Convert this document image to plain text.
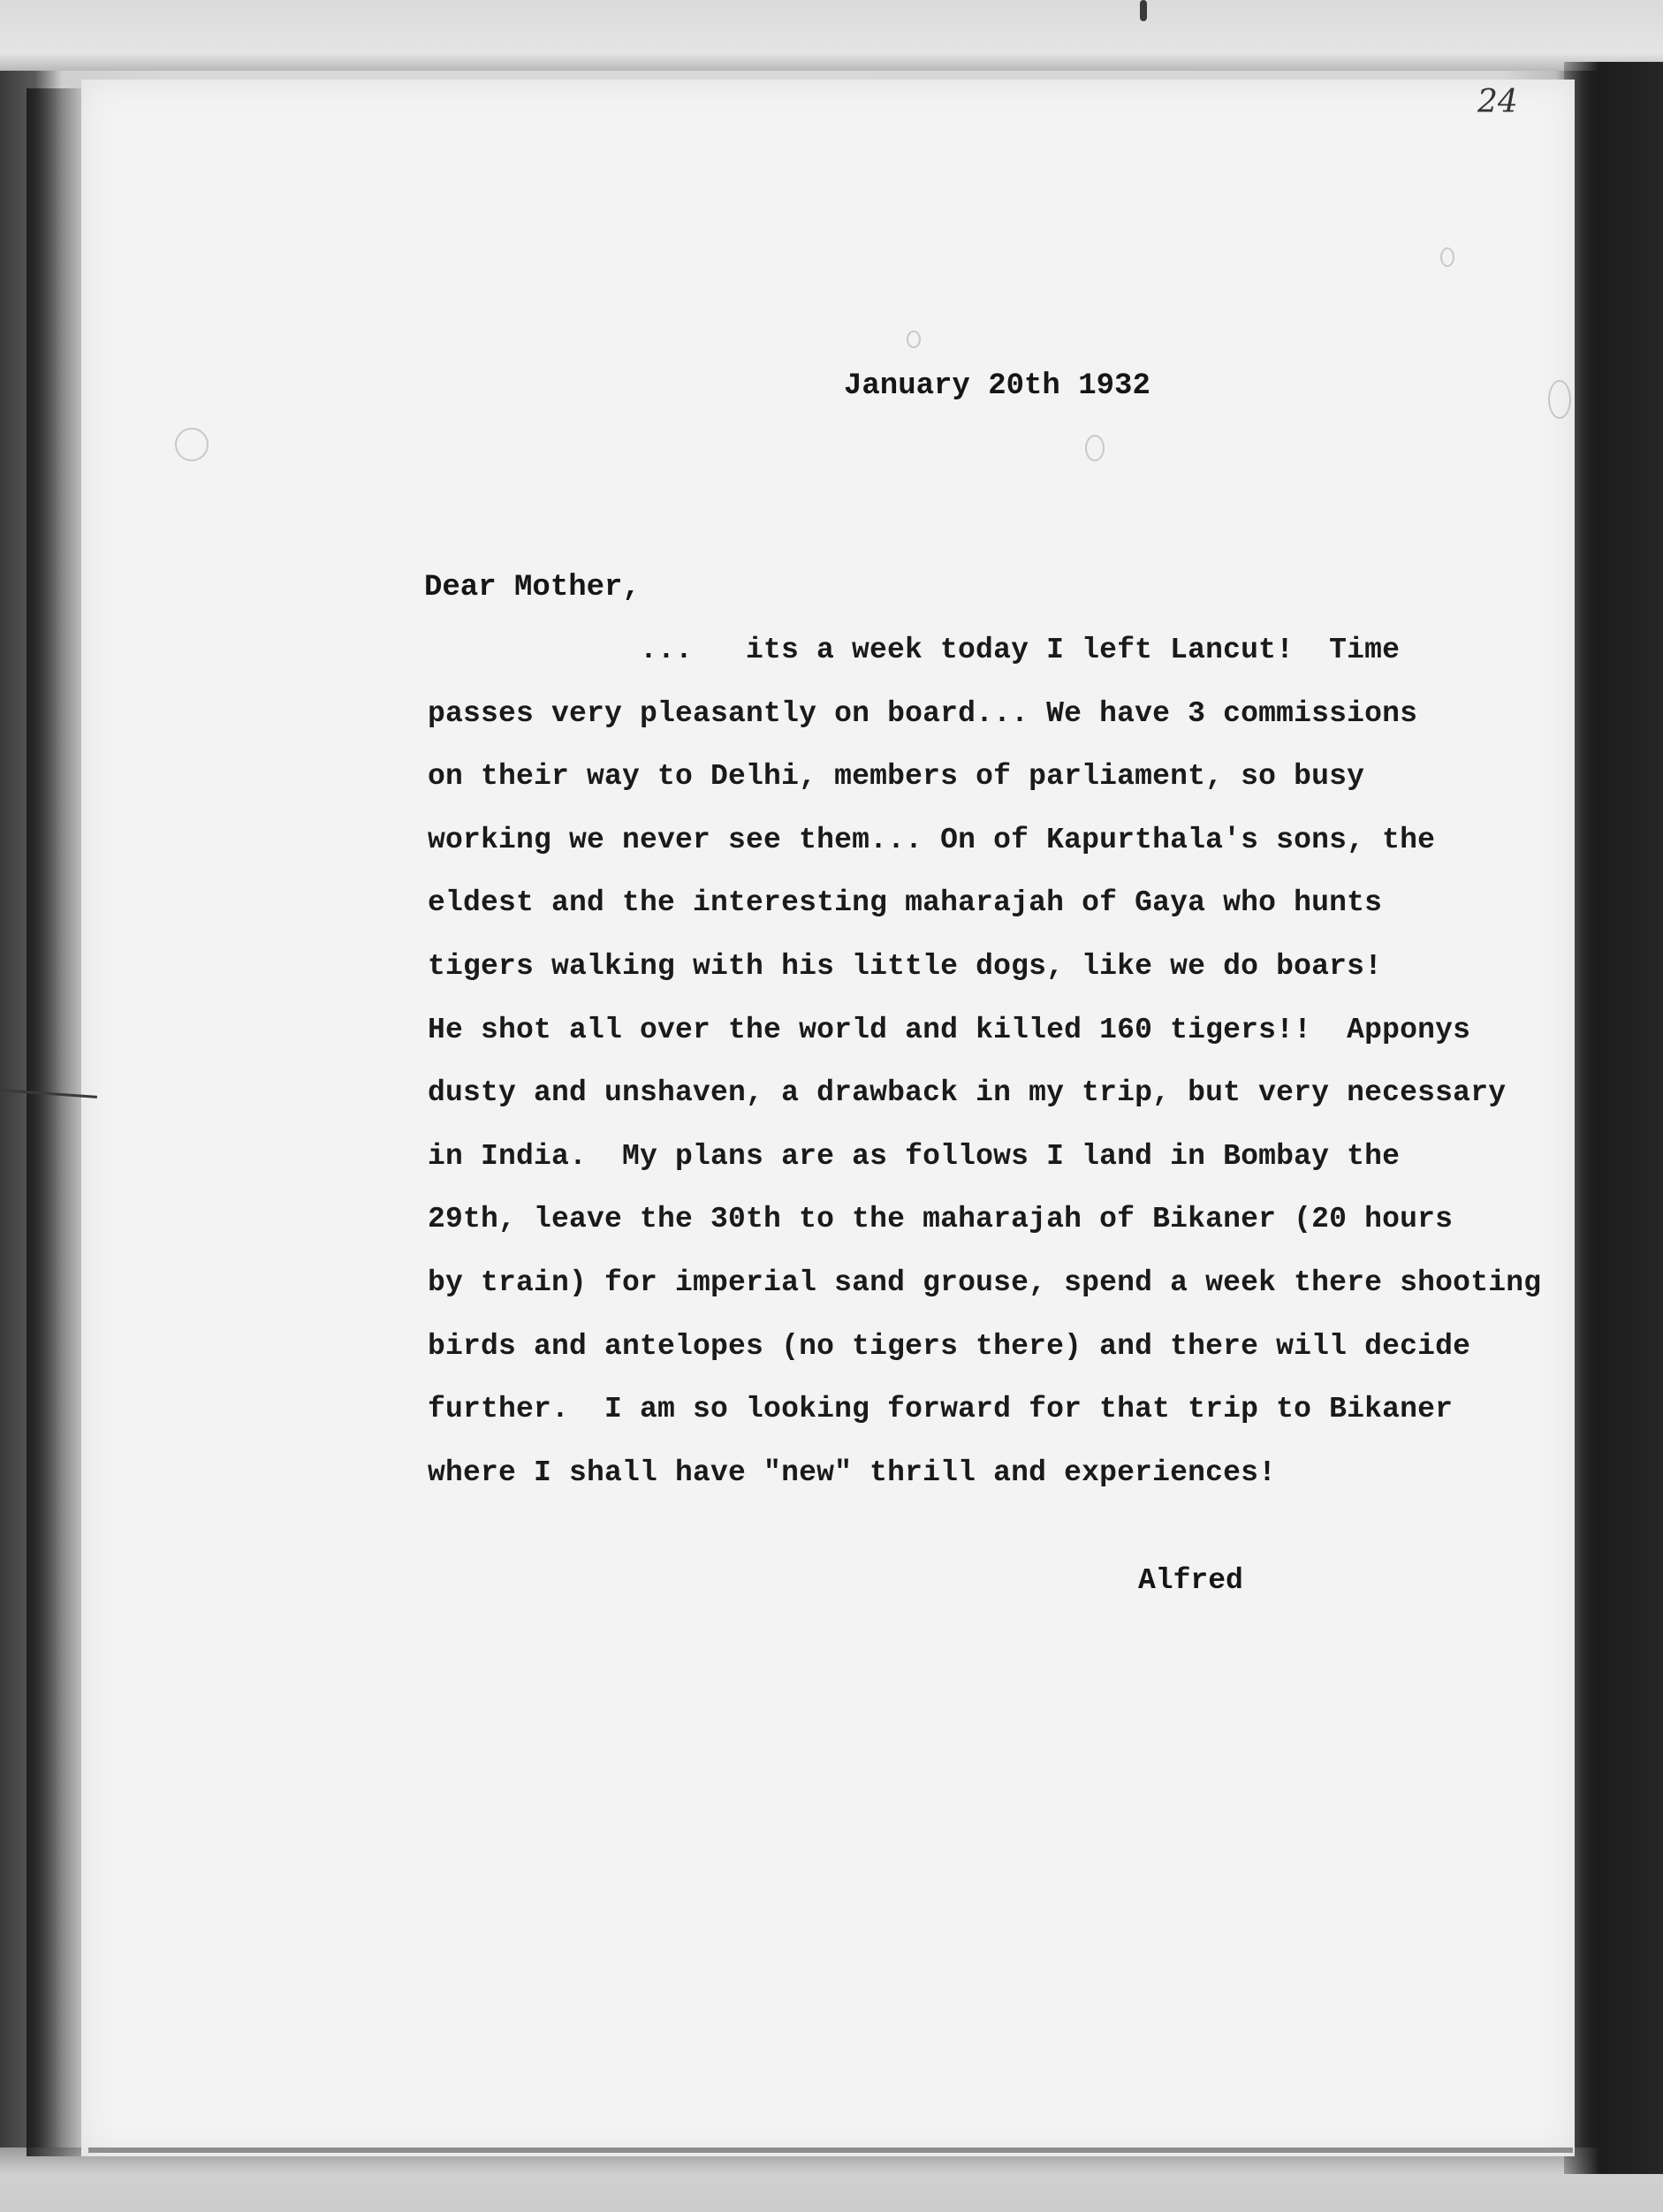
24
January 20th 1932
Dear Mother,
...   its a week today I left Lancut!  Time
passes very pleasantly on board... We have 3 commissions
on their way to Delhi, members of parliament, so busy
working we never see them... On of Kapurthala's sons, the
eldest and the interesting maharajah of Gaya who hunts
tigers walking with his little dogs, like we do boars!
He shot all over the world and killed 160 tigers!!  Apponys
dusty and unshaven, a drawback in my trip, but very necessary
in India.  My plans are as follows I land in Bombay the
29th, leave the 30th to the maharajah of Bikaner (20 hours
by train) for imperial sand grouse, spend a week there shooting
birds and antelopes (no tigers there) and there will decide
further.  I am so looking forward for that trip to Bikaner
where I shall have "new" thrill and experiences!
Alfred
